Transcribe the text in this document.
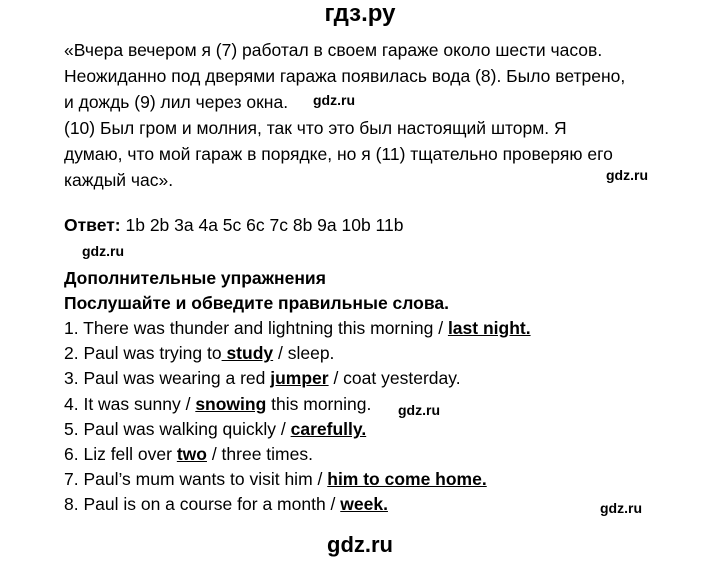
гдз.ру
«Вчера вечером я (7) работал в своем гараже около шести часов.
Неожиданно под дверями гаража появилась вода (8). Было ветрено,
и дождь (9) лил через окна.
(10) Был гром и молния, так что это был настоящий шторм. Я
думаю, что мой гараж в порядке, но я (11) тщательно проверяю его
каждый час».
gdz.ru
gdz.ru
Ответ: 1b 2b 3a 4a 5c 6c 7c 8b 9a 10b 11b
gdz.ru
Дополнительные упражнения
Послушайте и обведите правильные слова.
1. There was thunder and lightning this morning / last night.
2. Paul was trying to study / sleep.
3. Paul was wearing a red jumper / coat yesterday.
4. It was sunny / snowing this morning.
5. Paul was walking quickly / carefully.
6. Liz fell over two / three times.
7. Paul’s mum wants to visit him / him to come home.
8. Paul is on a course for a month / week.
gdz.ru
gdz.ru
gdz.ru
